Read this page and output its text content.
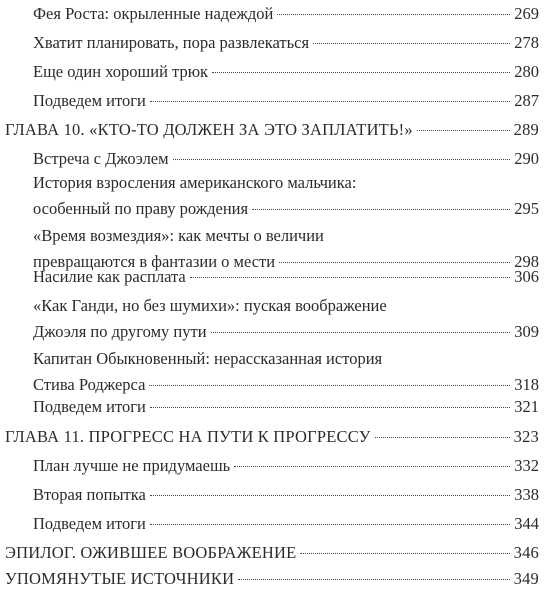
Фея Роста: окрыленные надеждой	269
Хватит планировать, пора развлекаться	278
Еще один хороший трюк	280
Подведем итоги	287
ГЛАВА 10. «КТО-ТО ДОЛЖЕН ЗА ЭТО ЗАПЛАТИТЬ!»	289
Встреча с Джоэлем	290
История взросления американского мальчика:
особенный по праву рождения	295
«Время возмездия»: как мечты о величии
превращаются в фантазии о мести	298
Насилие как расплата	306
«Как Ганди, но без шумихи»: пуская воображение
Джоэля по другому пути	309
Капитан Обыкновенный: нерассказанная история
Стива Роджерса	318
Подведем итоги	321
ГЛАВА 11. ПРОГРЕСС НА ПУТИ К ПРОГРЕССУ	323
План лучше не придумаешь	332
Вторая попытка	338
Подведем итоги	344
ЭПИЛОГ. ОЖИВШЕЕ ВООБРАЖЕНИЕ	346
УПОМЯНУТЫЕ ИСТОЧНИКИ	349
